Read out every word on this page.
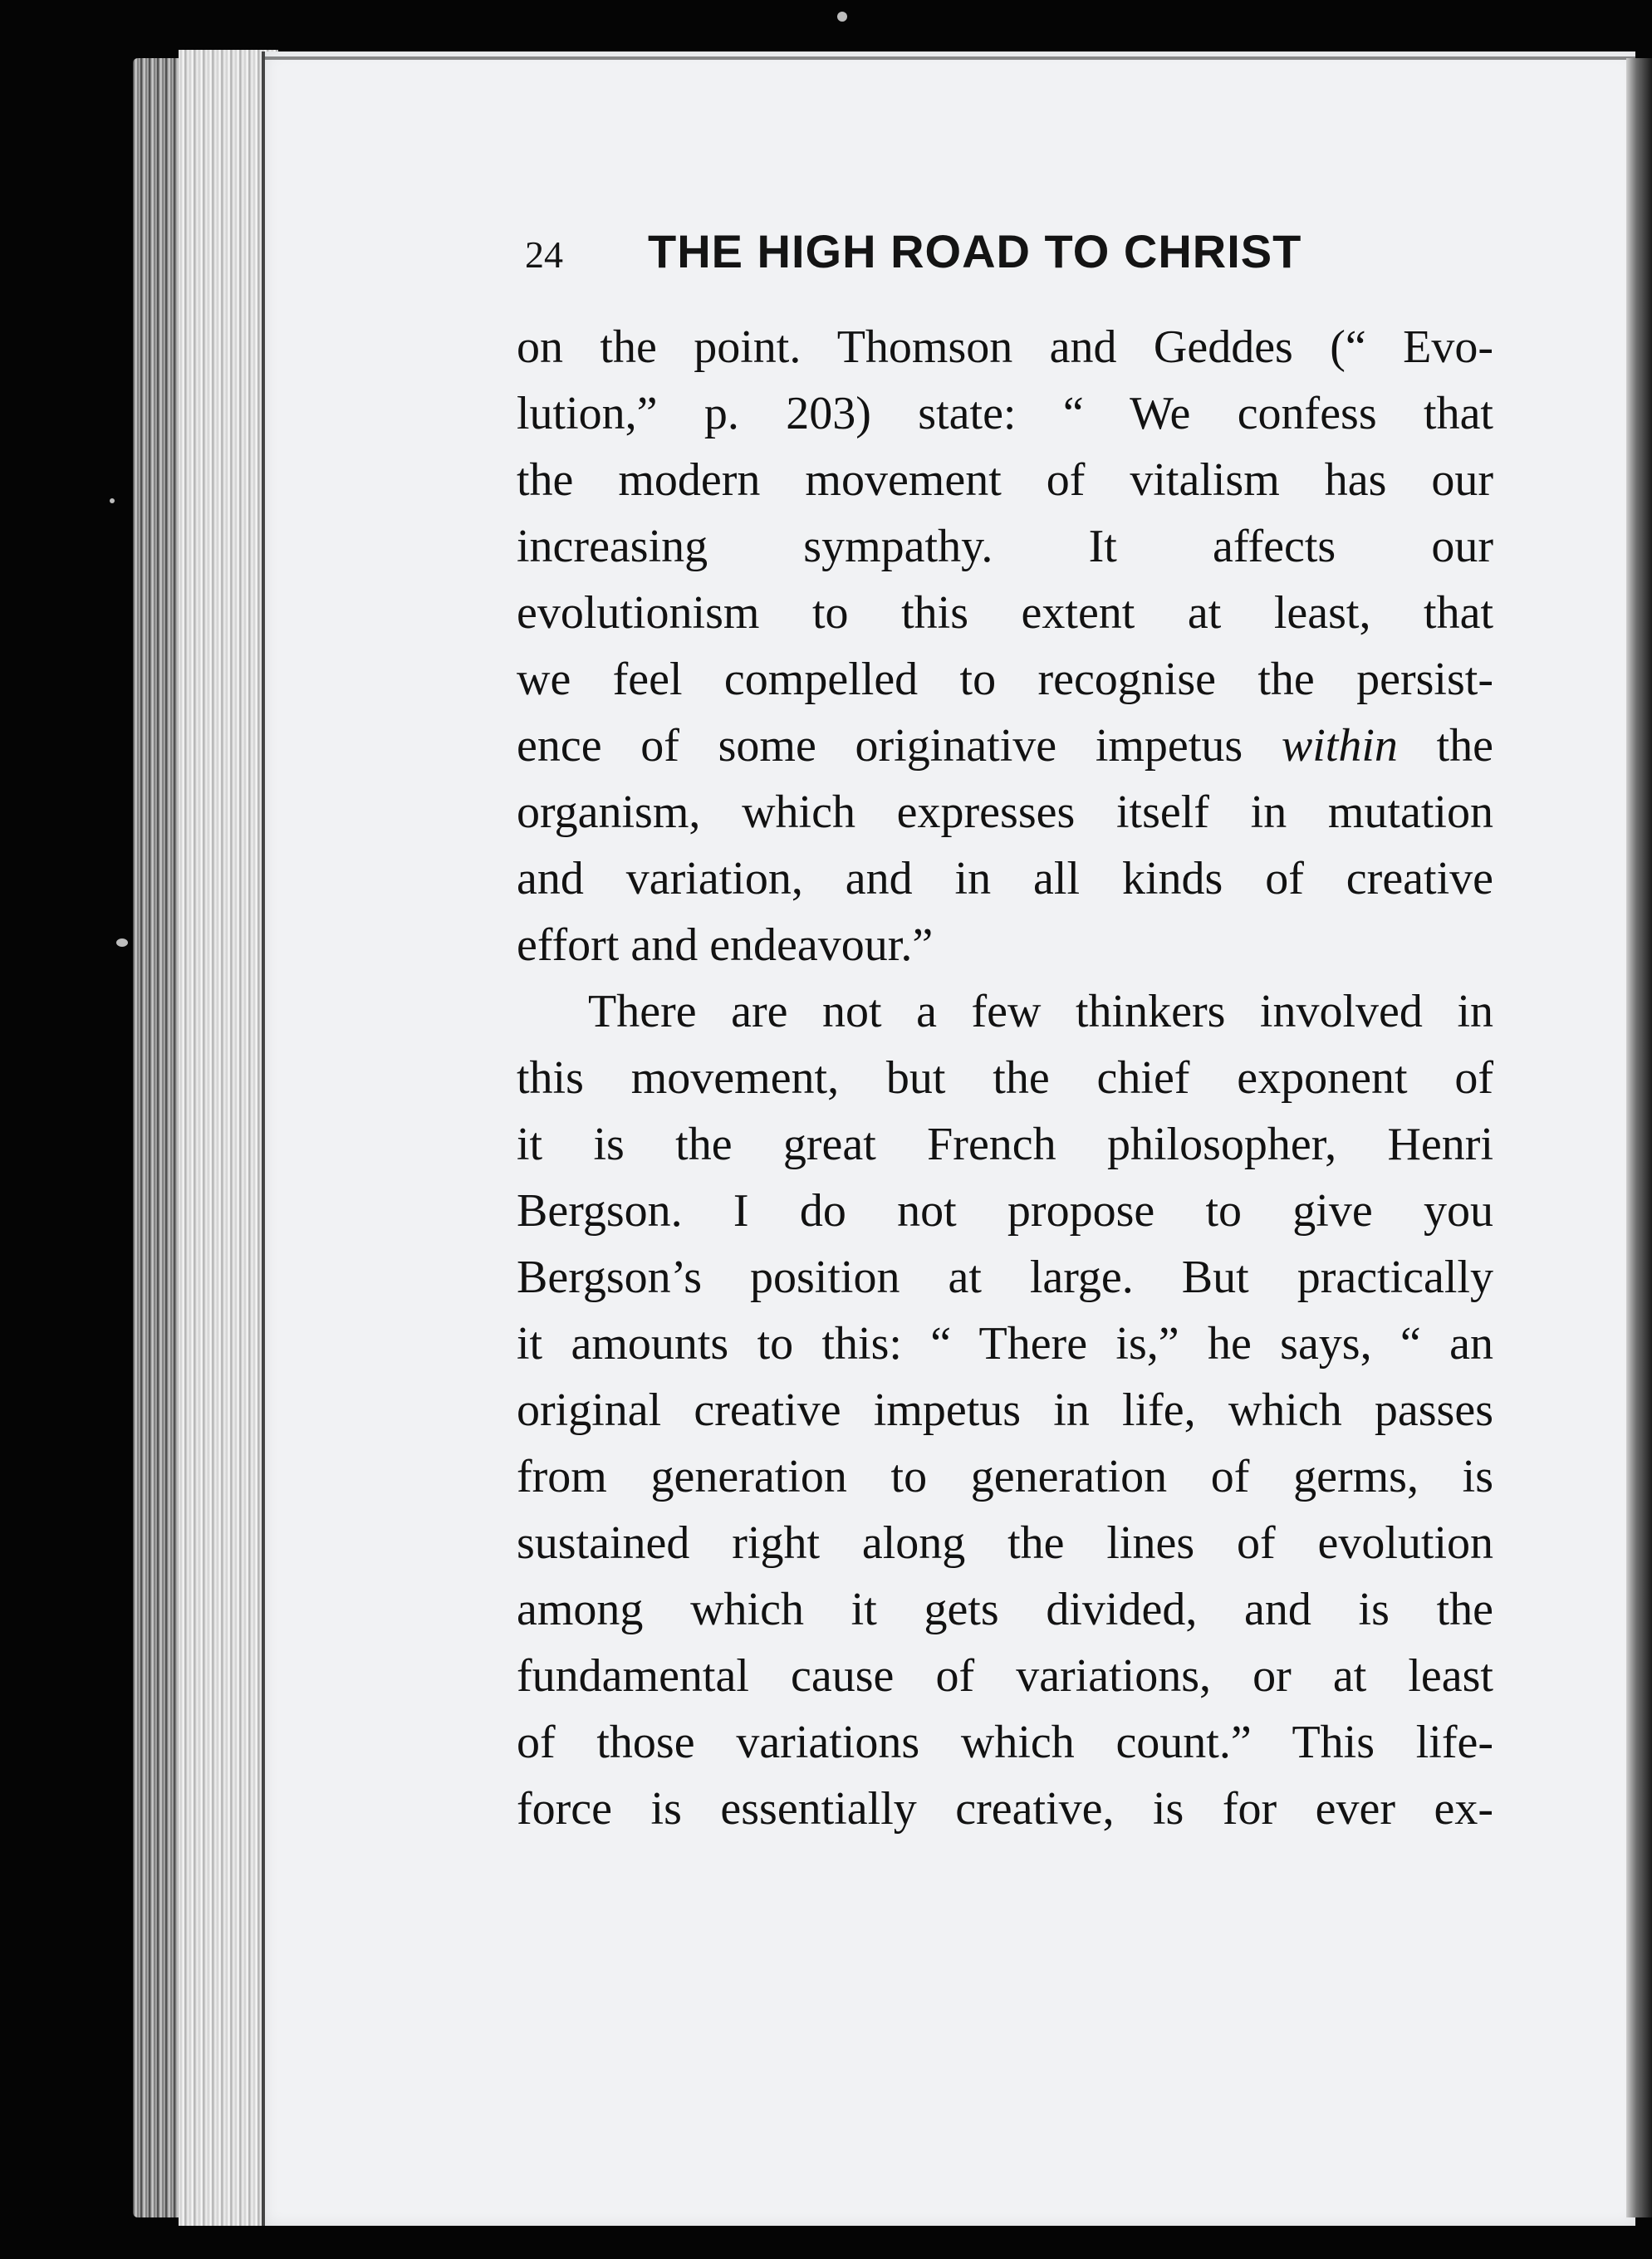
24 THE HIGH ROAD TO CHRIST
on the point. Thomson and Geddes (“ Evo-
lution,” p. 203) state: “ We confess that
the modern movement of vitalism has our
increasing sympathy. It affects our
evolutionism to this extent at least, that
we feel compelled to recognise the persist-
ence of some originative impetus within the
organism, which expresses itself in mutation
and variation, and in all kinds of creative
effort and endeavour.”
There are not a few thinkers involved in
this movement, but the chief exponent of
it is the great French philosopher, Henri
Bergson. I do not propose to give you
Bergson’s position at large. But practically
it amounts to this: “ There is,” he says, “ an
original creative impetus in life, which passes
from generation to generation of germs, is
sustained right along the lines of evolution
among which it gets divided, and is the
fundamental cause of variations, or at least
of those variations which count.” This life-
force is essentially creative, is for ever ex-
